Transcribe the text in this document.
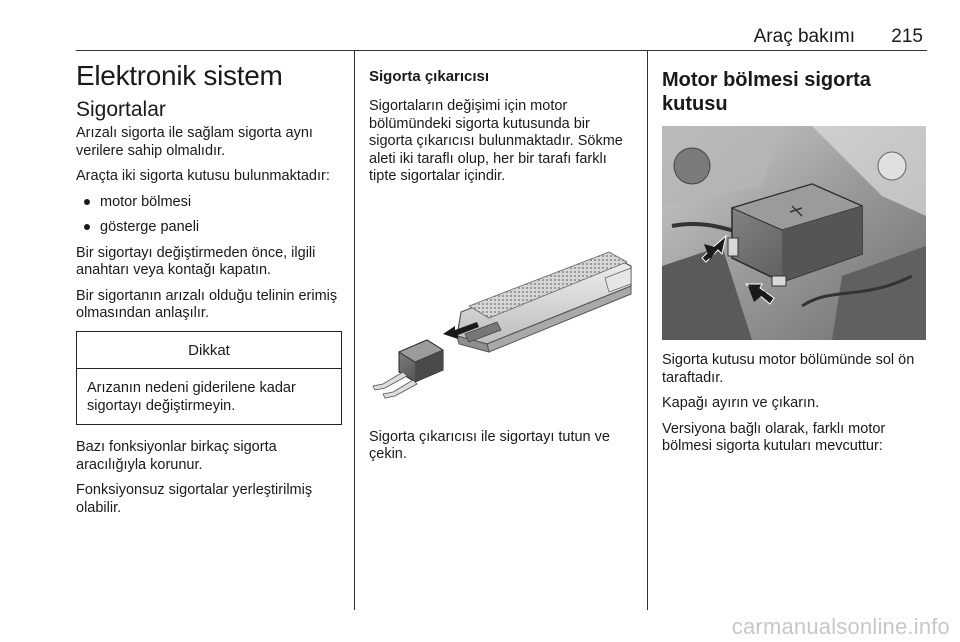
Araç bakımı 215
Elektronik sistem
Sigortalar

Arızalı sigorta ile sağlam sigorta aynı verilere sahip olmalıdır.

Araçta iki sigorta kutusu bulunmaktadır:

motor bölmesi
gösterge paneli

Bir sigortayı değiştirmeden önce, ilgili anahtarı veya kontağı kapatın.

Bir sigortanın arızalı olduğu telinin erimiş olmasından anlaşılır.

Dikkat
Arızanın nedeni giderilene kadar sigortayı değiştirmeyin.

Bazı fonksiyonlar birkaç sigorta aracılığıyla korunur.

Fonksiyonsuz sigortalar yerleştirilmiş olabilir.

Sigorta çıkarıcısı

Sigortaların değişimi için motor bölümündeki sigorta kutusunda bir sigorta çıkarıcısı bulunmaktadır. Sökme aleti iki taraflı olup, her bir tarafı farklı tipte sigortalar içindir.

Sigorta çıkarıcısı ile sigortayı tutun ve çekin.

Motor bölmesi sigorta kutusu

Sigorta kutusu motor bölümünde sol ön taraftadır.

Kapağı ayırın ve çıkarın.

Versiyona bağlı olarak, farklı motor bölmesi sigorta kutuları mevcuttur:

carmanualsonline.info
